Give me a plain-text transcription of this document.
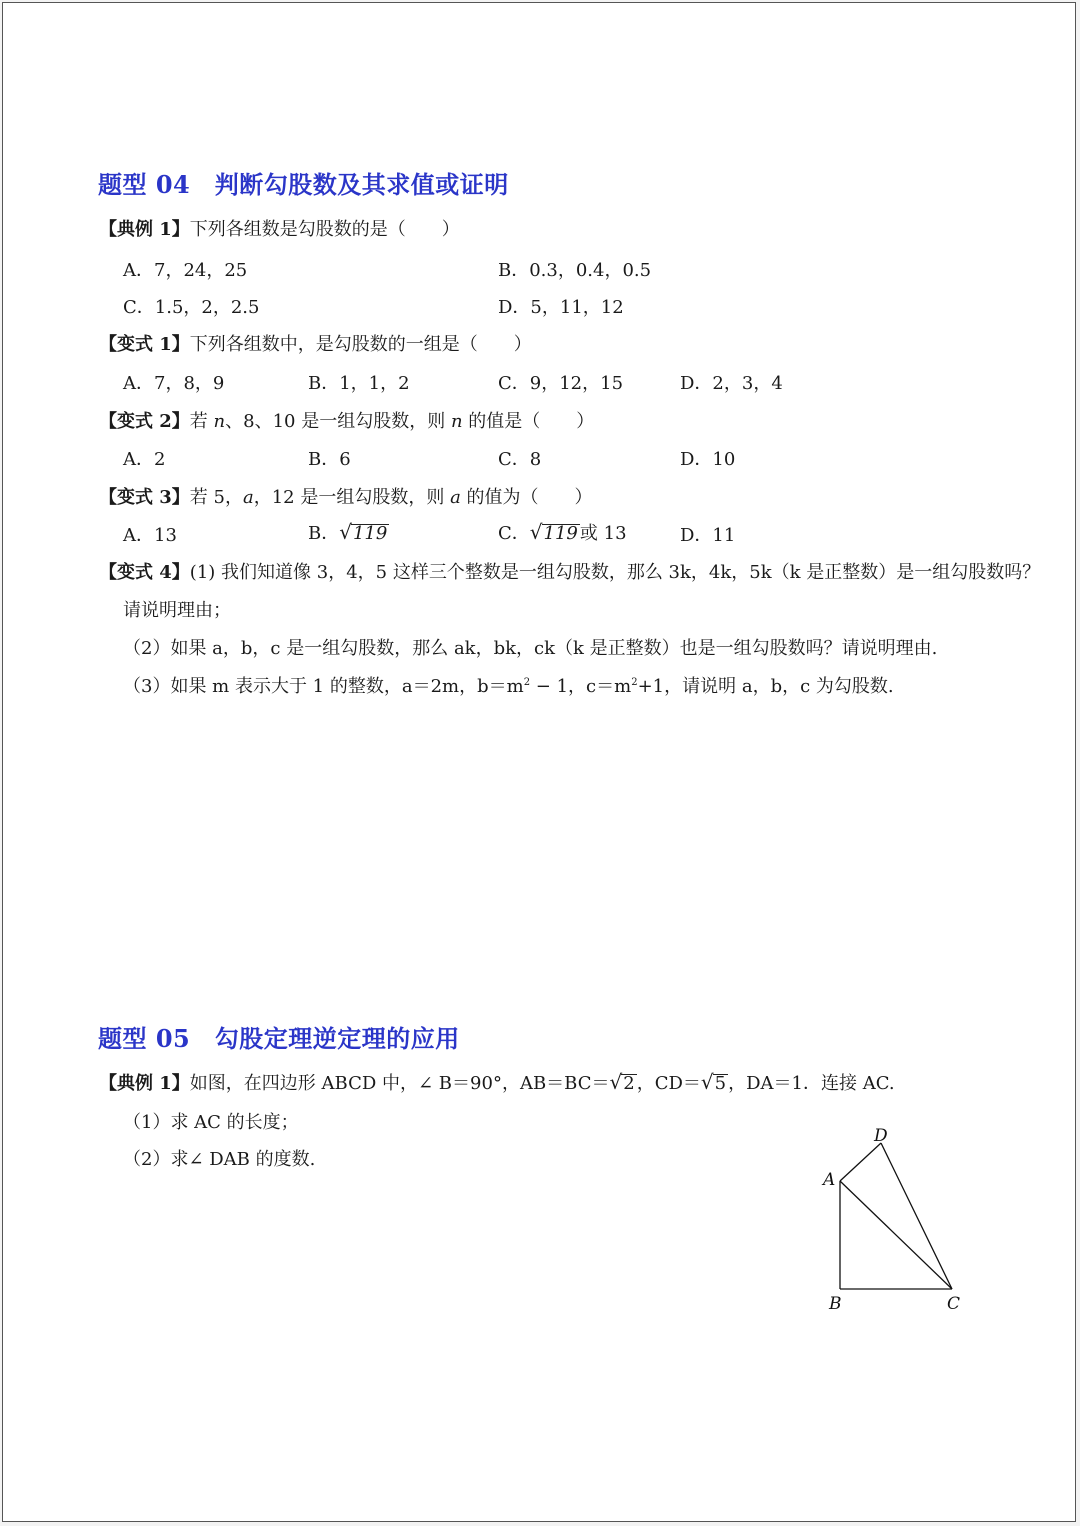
题型 04　判断勾股数及其求值或证明
【典例 1】下列各组数是勾股数的是（　　）
A．7，24，25	B．0.3，0.4，0.5
C．1.5，2，2.5	D．5，11，12
【变式 1】下列各组数中，是勾股数的一组是（　　）
A．7，8，9	B．1，1，2	C．9，12，15	D．2，3，4
【变式 2】若 n、8、10 是一组勾股数，则 n 的值是（　　）
A．2	B．6	C．8	D．10
【变式 3】若 5，a，12 是一组勾股数，则 a 的值为（　　）
A．13	B．√119	C．√119 或 13	D．11
【变式 4】(1) 我们知道像 3，4，5 这样三个整数是一组勾股数，那么 3k，4k，5k（k 是正整数）是一组勾股数吗？
请说明理由；
（2）如果 a，b，c 是一组勾股数，那么 ak，bk，ck（k 是正整数）也是一组勾股数吗？请说明理由.
（3）如果 m 表示大于 1 的整数，a＝2m，$b=m^2 - 1$，$c=m^2+1$，请说明 a，b，c 为勾股数.
题型 05　勾股定理逆定理的应用
【典例 1】如图，在四边形 ABCD 中，∠ B＝90°，AB＝BC＝√2 ，CD＝√5 ，DA＝1．连接 AC.
（1）求 AC 的长度；
（2）求∠ DAB 的度数.
D
A
B	C
